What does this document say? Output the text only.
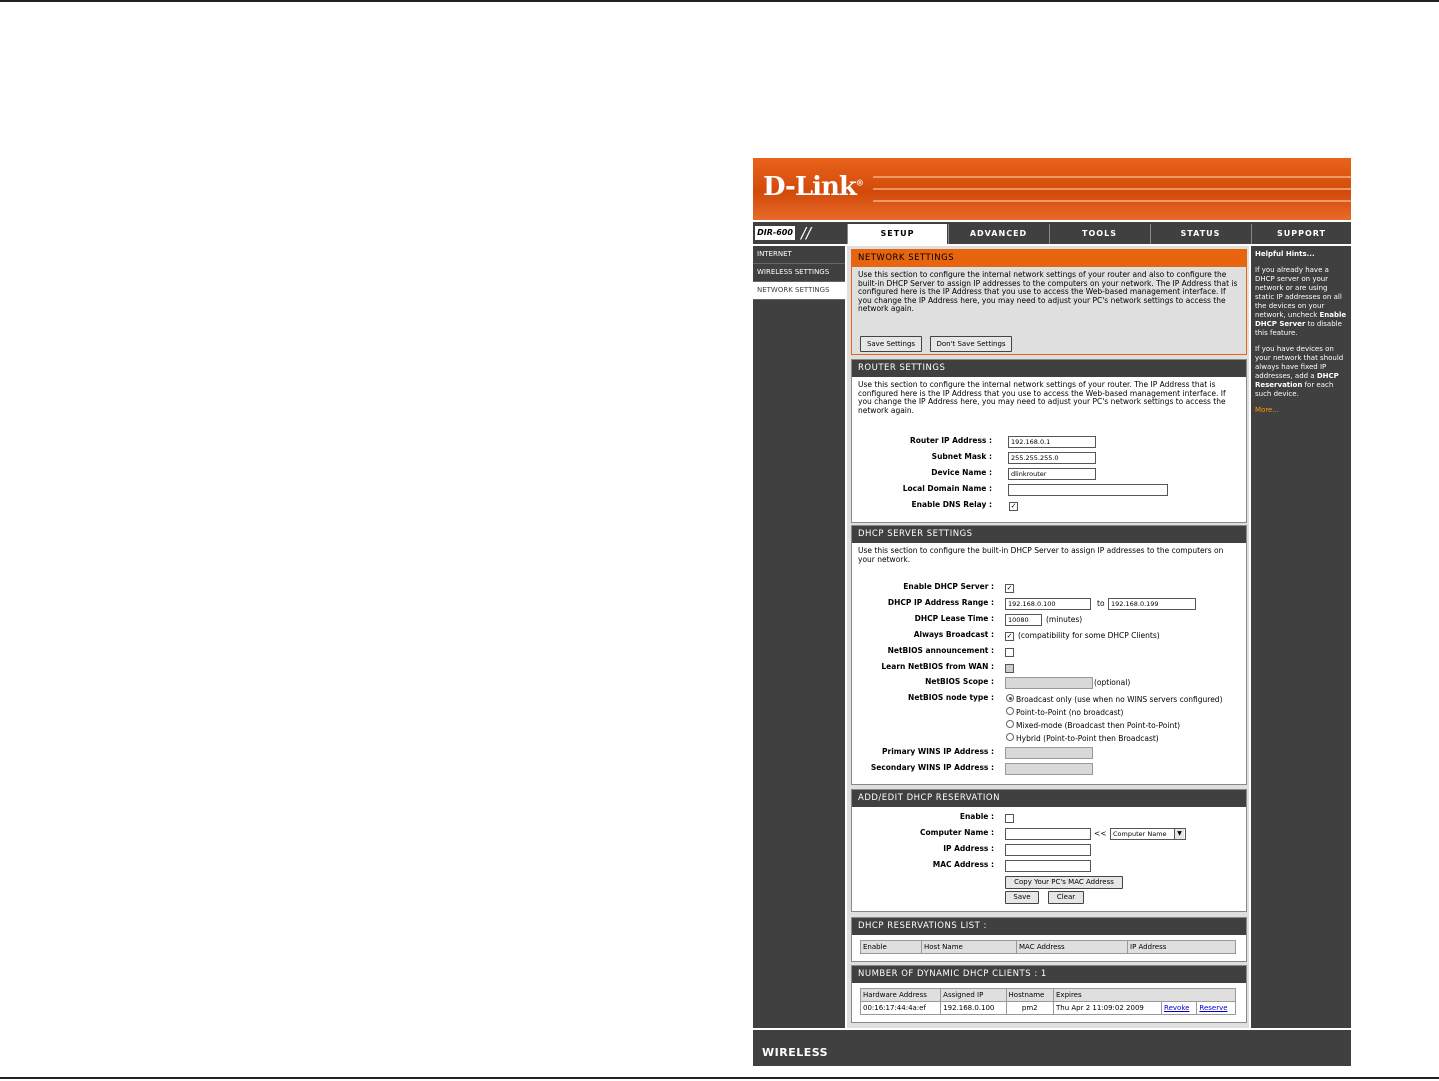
D-Link®
DIR-600 //	SETUP	ADVANCED	TOOLS	STATUS	SUPPORT
INTERNET
WIRELESS SETTINGS
NETWORK SETTINGS
NETWORK SETTINGS
Use this section to configure the internal network settings of your router and also to configure the built-in DHCP Server to assign IP addresses to the computers on your network. The IP Address that is configured here is the IP Address that you use to access the Web-based management interface. If you change the IP Address here, you may need to adjust your PC's network settings to access the network again.
Save Settings	Don't Save Settings
ROUTER SETTINGS
Use this section to configure the internal network settings of your router. The IP Address that is configured here is the IP Address that you use to access the Web-based management interface. If you change the IP Address here, you may need to adjust your PC's network settings to access the network again.
Router IP Address :	192.168.0.1
Subnet Mask :	255.255.255.0
Device Name :	dlinkrouter
Local Domain Name :
Enable DNS Relay :	✓
DHCP SERVER SETTINGS
Use this section to configure the built-in DHCP Server to assign IP addresses to the computers on your network.
Enable DHCP Server : ✓
DHCP IP Address Range :	192.168.0.100	to 192.168.0.199
DHCP Lease Time :	10080	(minutes)
Always Broadcast : ✓ (compatibility for some DHCP Clients)
NetBIOS announcement :
Learn NetBIOS from WAN :
NetBIOS Scope :	(optional)
NetBIOS node type :	Broadcast only (use when no WINS servers configured)
Point-to-Point (no broadcast)
Mixed-mode (Broadcast then Point-to-Point)
Hybrid (Point-to-Point then Broadcast)
Primary WINS IP Address :
Secondary WINS IP Address :
ADD/EDIT DHCP RESERVATION
Enable :
Computer Name :	<< Computer Name	▼
IP Address :
MAC Address :
Copy Your PC's MAC Address
Save	Clear
DHCP RESERVATIONS LIST :
Enable	Host Name	MAC Address	IP Address
NUMBER OF DYNAMIC DHCP CLIENTS : 1
Hardware Address	Assigned IP	Hostname	Expires		
00:16:17:44:4a:ef	192.168.0.100	pm2	Thu Apr 2 11:09:02 2009	Revoke	Reserve
Helpful Hints...

If you already have a DHCP server on your network or are using static IP addresses on all the devices on your network, uncheck Enable DHCP Server to disable this feature.

If you have devices on your network that should always have fixed IP addresses, add a DHCP Reservation for each such device.

More...

WIRELESS
